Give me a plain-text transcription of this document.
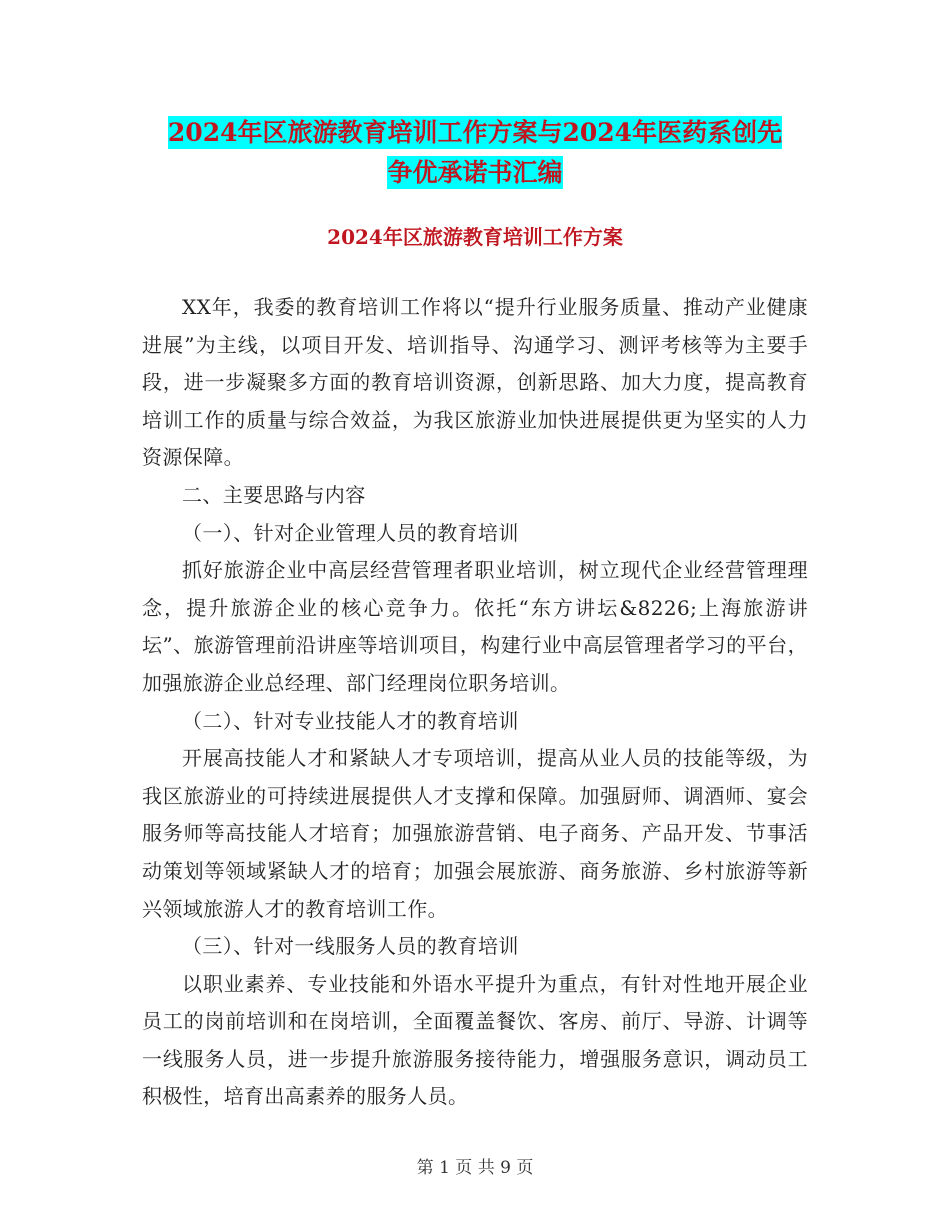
2024年区旅游教育培训工作方案与2024年医药系创先
争优承诺书汇编
2024年区旅游教育培训工作方案

XX年，我委的教育培训工作将以“提升行业服务质量、推动产业健康进展”为主线，以项目开发、培训指导、沟通学习、测评考核等为主要手段，进一步凝聚多方面的教育培训资源，创新思路、加大力度，提高教育培训工作的质量与综合效益，为我区旅游业加快进展提供更为坚实的人力资源保障。

二、主要思路与内容

（一）、针对企业管理人员的教育培训

抓好旅游企业中高层经营管理者职业培训，树立现代企业经营管理理念，提升旅游企业的核心竞争力。依托“东方讲坛&8226;上海旅游讲坛”、旅游管理前沿讲座等培训项目，构建行业中高层管理者学习的平台，加强旅游企业总经理、部门经理岗位职务培训。

（二）、针对专业技能人才的教育培训

开展高技能人才和紧缺人才专项培训，提高从业人员的技能等级，为我区旅游业的可持续进展提供人才支撑和保障。加强厨师、调酒师、宴会服务师等高技能人才培育；加强旅游营销、电子商务、产品开发、节事活动策划等领域紧缺人才的培育；加强会展旅游、商务旅游、乡村旅游等新兴领域旅游人才的教育培训工作。

（三）、针对一线服务人员的教育培训

以职业素养、专业技能和外语水平提升为重点，有针对性地开展企业员工的岗前培训和在岗培训，全面覆盖餐饮、客房、前厅、导游、计调等一线服务人员，进一步提升旅游服务接待能力，增强服务意识，调动员工积极性，培育出高素养的服务人员。

第 1 页 共 9 页
